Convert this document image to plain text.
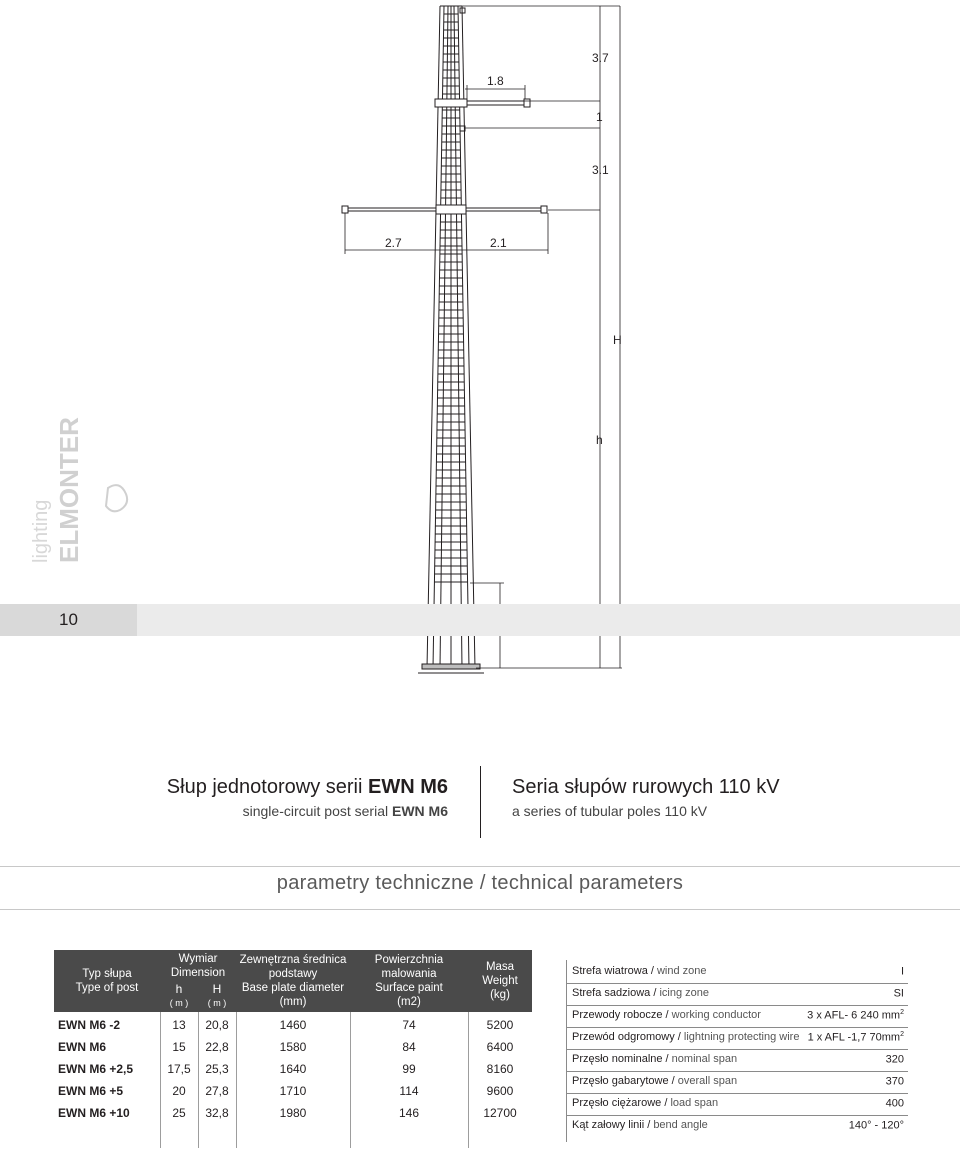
3.7
1.8
1
3.1
2.7	2.1
H
h
ELMONTER
lighting
10
Słup jednotorowy serii EWN M6
single-circuit post serial EWN M6
Seria słupów rurowych 110 kV
a series of tubular poles 110 kV
parametry techniczne / technical parameters
Typ słupa
Type of post
Wymiar
Dimension
h
( m )
H
( m )
Zewnętrzna średnica
podstawy
Base plate diameter
(mm)
Powierzchnia malowania
Surface paint
(m2)
Masa
Weight
(kg)
EWN M6 -2	13	20,8	1460	74	5200
EWN M6	15	22,8	1580	84	6400
EWN M6 +2,5	17,5	25,3	1640	99	8160
EWN M6 +5	20	27,8	1710	114	9600
EWN M6 +10	25	32,8	1980	146	12700
Strefa wiatrowa / wind zone	I
Strefa sadziowa / icing zone	SI
Przewody robocze / working conductor	3 x AFL- 6 240 $mm^2$
Przewód odgromowy / lightning protecting wire 1 x AFL -1,7 $70mm^2$
Przęsło nominalne / nominal span	320
Przęsło gabarytowe / overall span	370
Przęsło ciężarowe / load span	400
Kąt załowy linii / bend angle	140° - 120°
